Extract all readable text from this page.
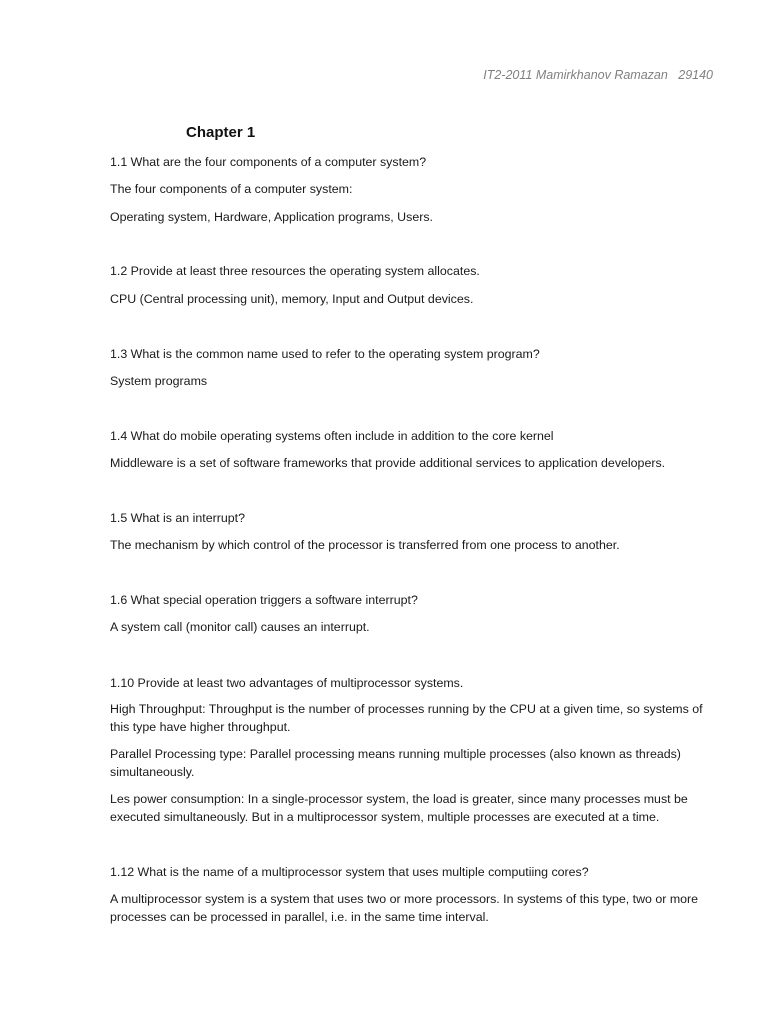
IT2-2011 Mamirkhanov Ramazan   29140
Chapter 1

1.1 What are the four components of a computer system?

The four components of a computer system:

Operating system, Hardware, Application programs, Users.

1.2 Provide at least three resources the operating system allocates.

CPU (Central processing unit), memory, Input and Output devices.

1.3 What is the common name used to refer to the operating system program?

System programs

1.4 What do mobile operating systems often include in addition to the core kernel

Middleware is a set of software frameworks that provide additional services to application developers.

1.5 What is an interrupt?

The mechanism by which control of the processor is transferred from one process to another.

1.6 What special operation triggers a software interrupt?

A system call (monitor call) causes an interrupt.

1.10 Provide at least two advantages of multiprocessor systems.

High Throughput: Throughput is the number of processes running by the CPU at a given time, so systems of this type have higher throughput.

Parallel Processing type: Parallel processing means running multiple processes (also known as threads) simultaneously.

Les power consumption: In a single-processor system, the load is greater, since many processes must be executed simultaneously. But in a multiprocessor system, multiple processes are executed at a time.

1.12 What is the name of a multiprocessor system that uses multiple computiing cores?

A multiprocessor system is a system that uses two or more processors. In systems of this type, two or more processes can be processed in parallel, i.e. in the same time interval.
